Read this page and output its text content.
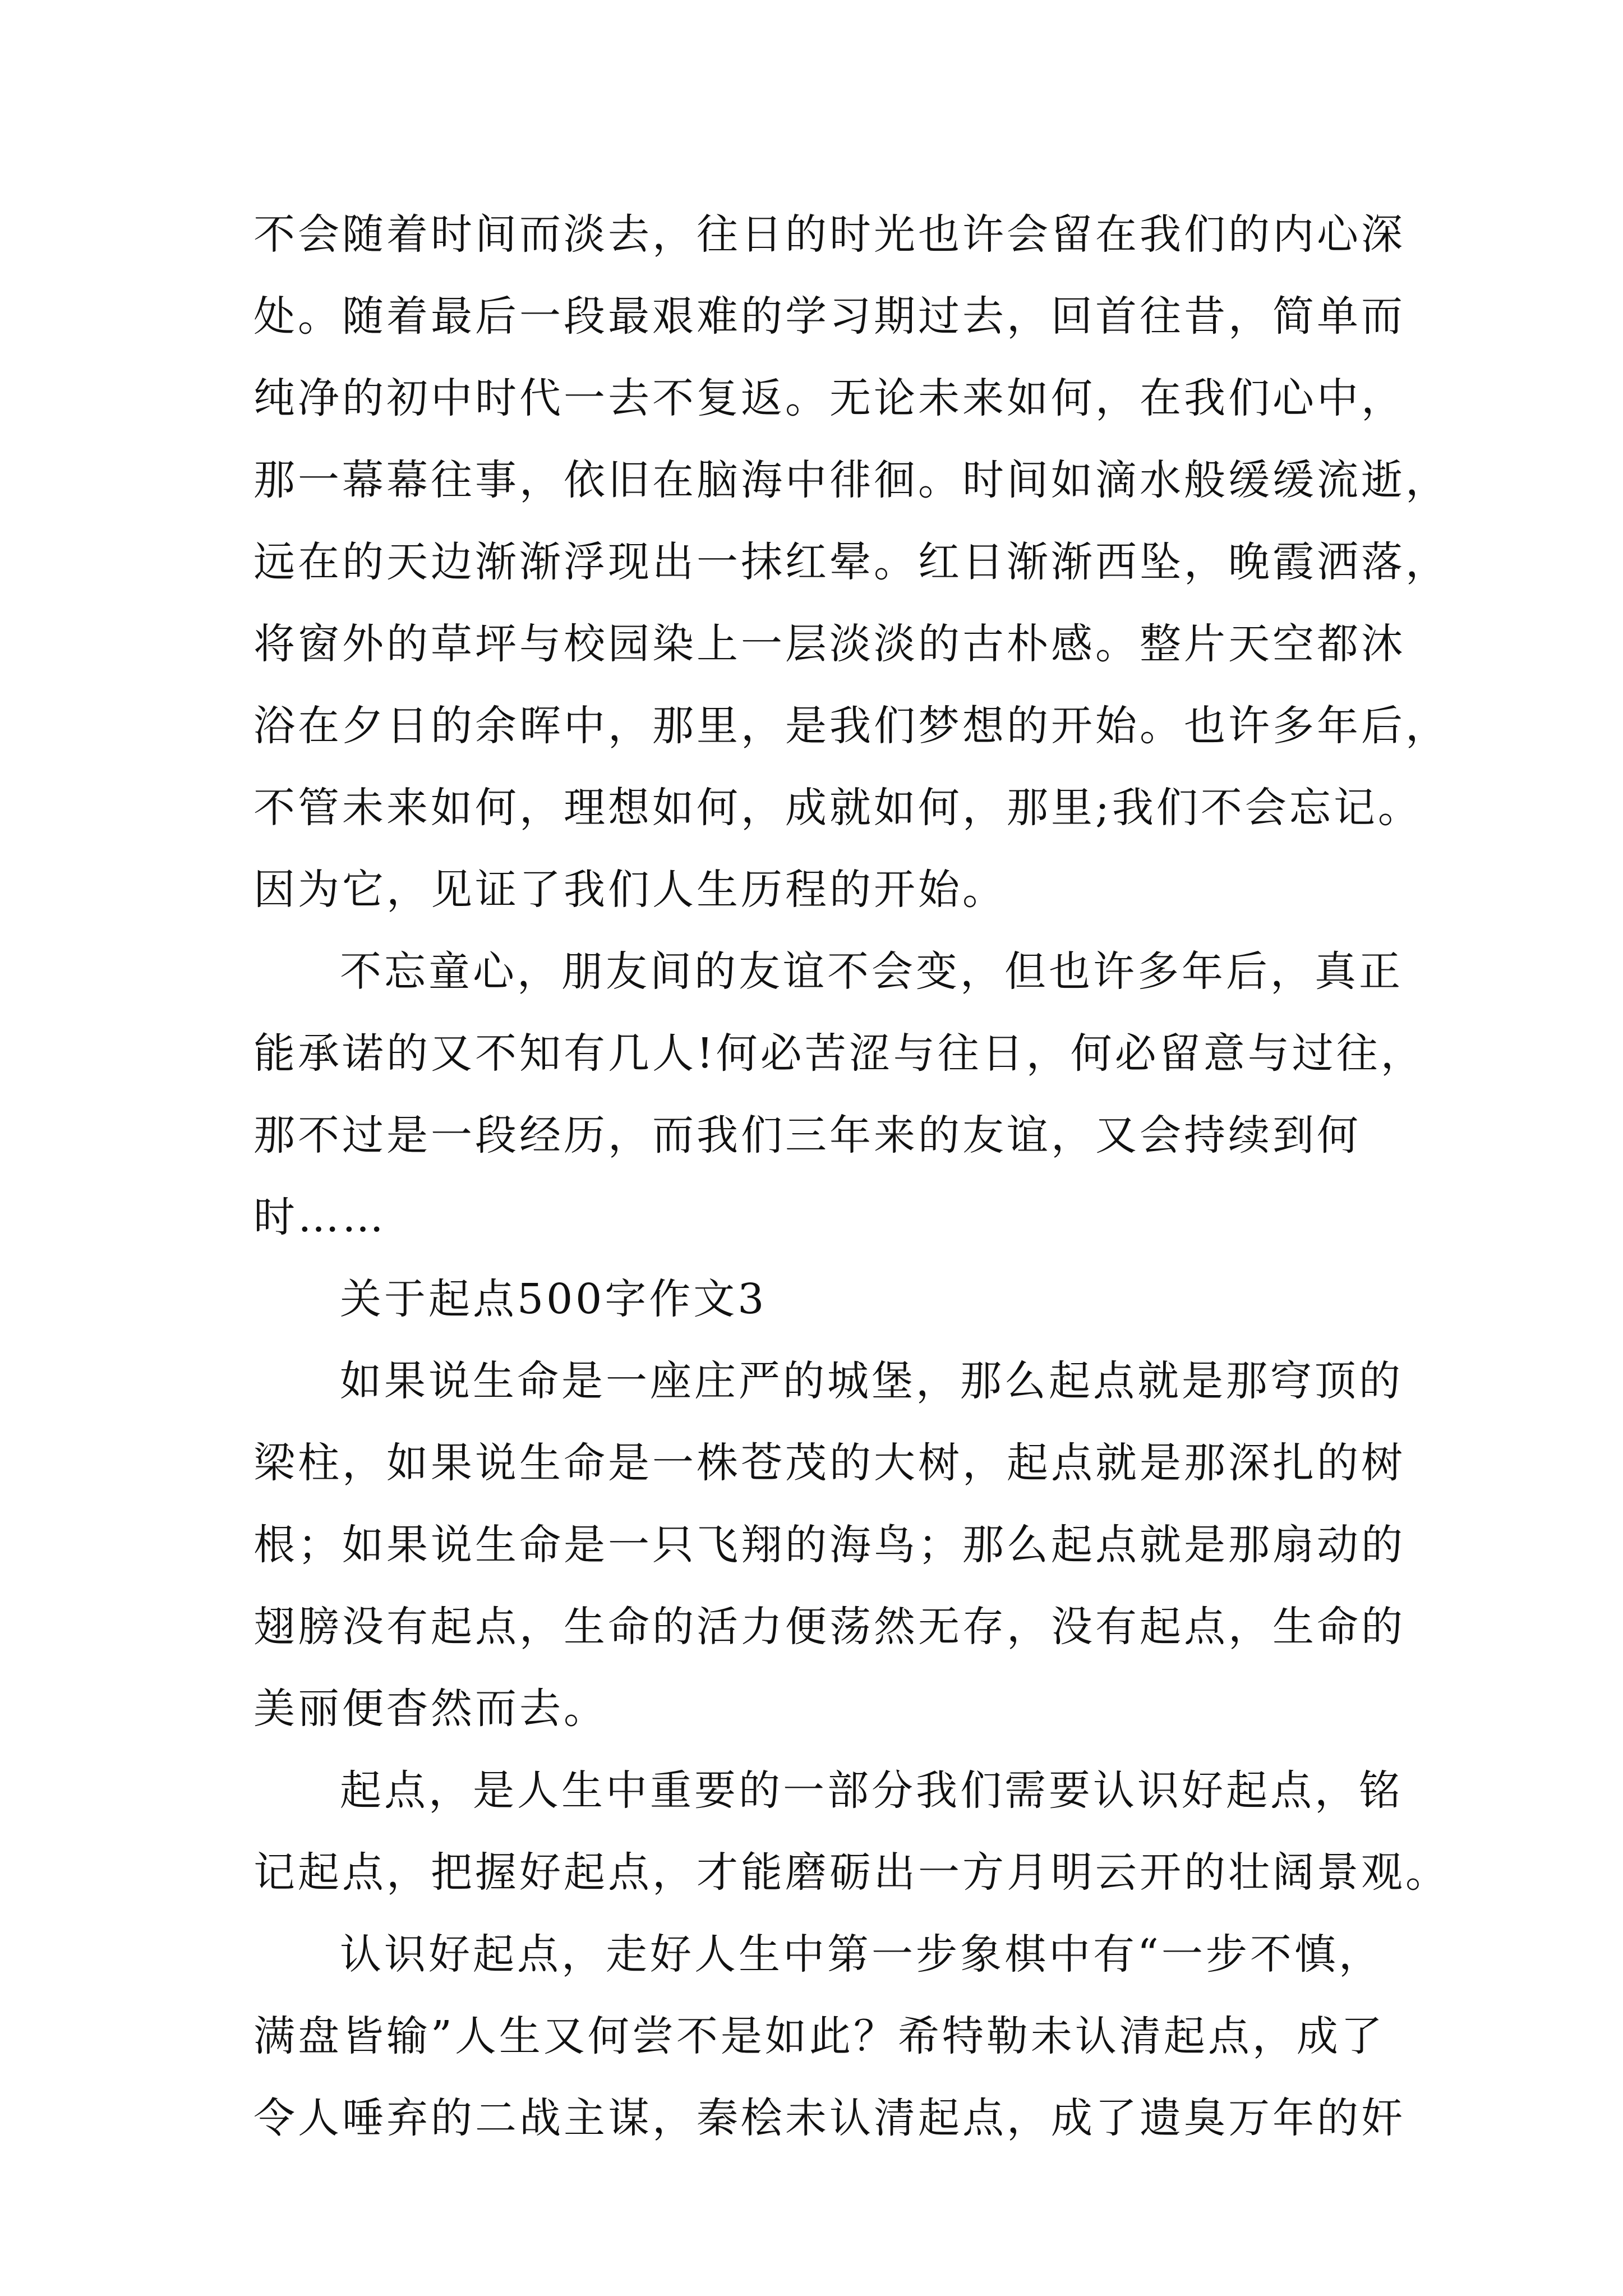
不会随着时间而淡去，往日的时光也许会留在我们的内心深
处。随着最后一段最艰难的学习期过去，回首往昔，简单而
纯净的初中时代一去不复返。无论未来如何，在我们心中，
那一幕幕往事，依旧在脑海中徘徊。时间如滴水般缓缓流逝，
远在的天边渐渐浮现出一抹红晕。红日渐渐西坠，晚霞洒落，
将窗外的草坪与校园染上一层淡淡的古朴感。整片天空都沐
浴在夕日的余晖中，那里，是我们梦想的开始。也许多年后，
不管未来如何，理想如何，成就如何，那里;我们不会忘记。
因为它，见证了我们人生历程的开始。
不忘童心，朋友间的友谊不会变，但也许多年后，真正
能承诺的又不知有几人!何必苦涩与往日，何必留意与过往，
那不过是一段经历，而我们三年来的友谊，又会持续到何
时……
关于起点500字作文3
如果说生命是一座庄严的城堡，那么起点就是那穹顶的
梁柱，如果说生命是一株苍茂的大树，起点就是那深扎的树
根；如果说生命是一只飞翔的海鸟；那么起点就是那扇动的
翅膀没有起点，生命的活力便荡然无存，没有起点，生命的
美丽便杳然而去。
起点，是人生中重要的一部分我们需要认识好起点，铭
记起点，把握好起点，才能磨砺出一方月明云开的壮阔景观。
认识好起点，走好人生中第一步象棋中有“一步不慎，
满盘皆输”人生又何尝不是如此？希特勒未认清起点，成了
令人唾弃的二战主谋，秦桧未认清起点，成了遗臭万年的奸
